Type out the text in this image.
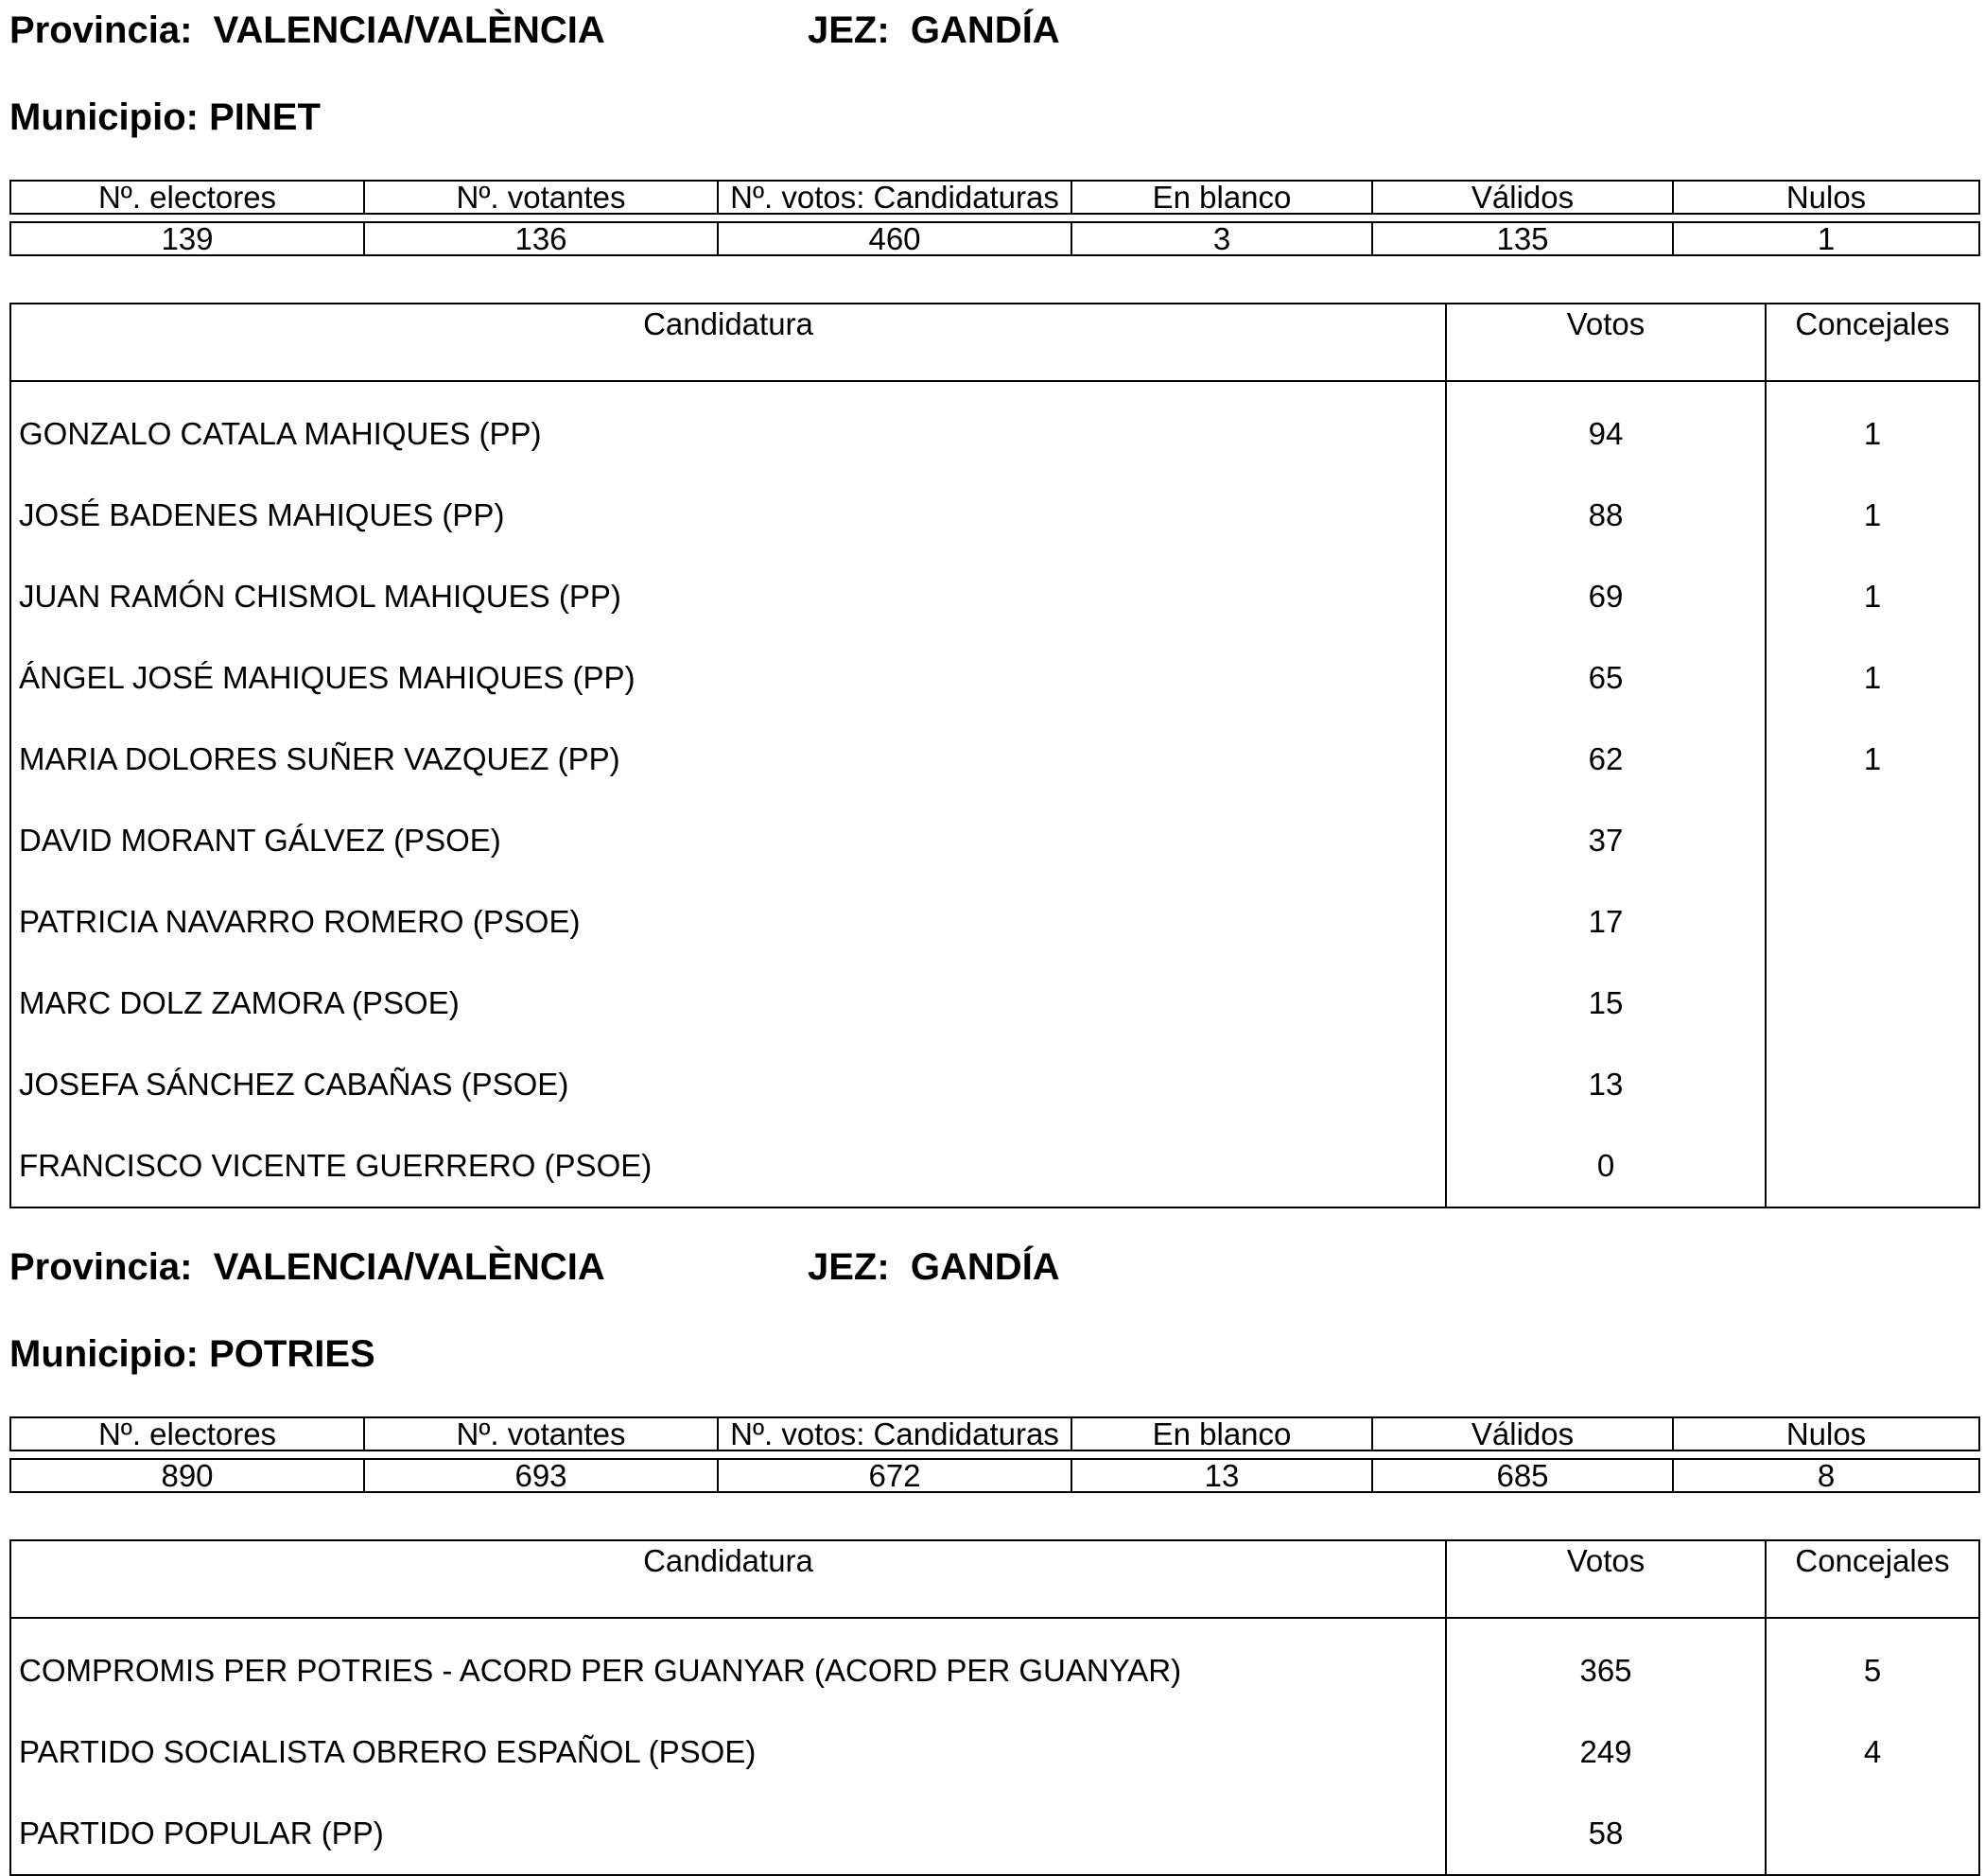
Provincia: VALENCIA/VALÈNCIA	JEZ: GANDÍA
Municipio: PINET
Nº. electores	Nº. votantes	Nº. votos: Candidaturas	En blanco	Válidos	Nulos
139	136	460	3	135	1
Candidatura	Votos	Concejales
GONZALO CATALA MAHIQUES (PP)	94	1
JOSÉ BADENES MAHIQUES (PP)	88	1
JUAN RAMÓN CHISMOL MAHIQUES (PP)	69	1
ÁNGEL JOSÉ MAHIQUES MAHIQUES (PP)	65	1
MARIA DOLORES SUÑER VAZQUEZ (PP)	62	1
DAVID MORANT GÁLVEZ (PSOE)	37	
PATRICIA NAVARRO ROMERO (PSOE)	17	
MARC DOLZ ZAMORA (PSOE)	15	
JOSEFA SÁNCHEZ CABAÑAS (PSOE)	13	
FRANCISCO VICENTE GUERRERO (PSOE)	0	
Provincia: VALENCIA/VALÈNCIA	JEZ: GANDÍA
Municipio: POTRIES
Nº. electores	Nº. votantes	Nº. votos: Candidaturas	En blanco	Válidos	Nulos
890	693	672	13	685	8
Candidatura	Votos	Concejales
COMPROMIS PER POTRIES - ACORD PER GUANYAR (ACORD PER GUANYAR)	365	5
PARTIDO SOCIALISTA OBRERO ESPAÑOL (PSOE)	249	4
PARTIDO POPULAR (PP)	58	
